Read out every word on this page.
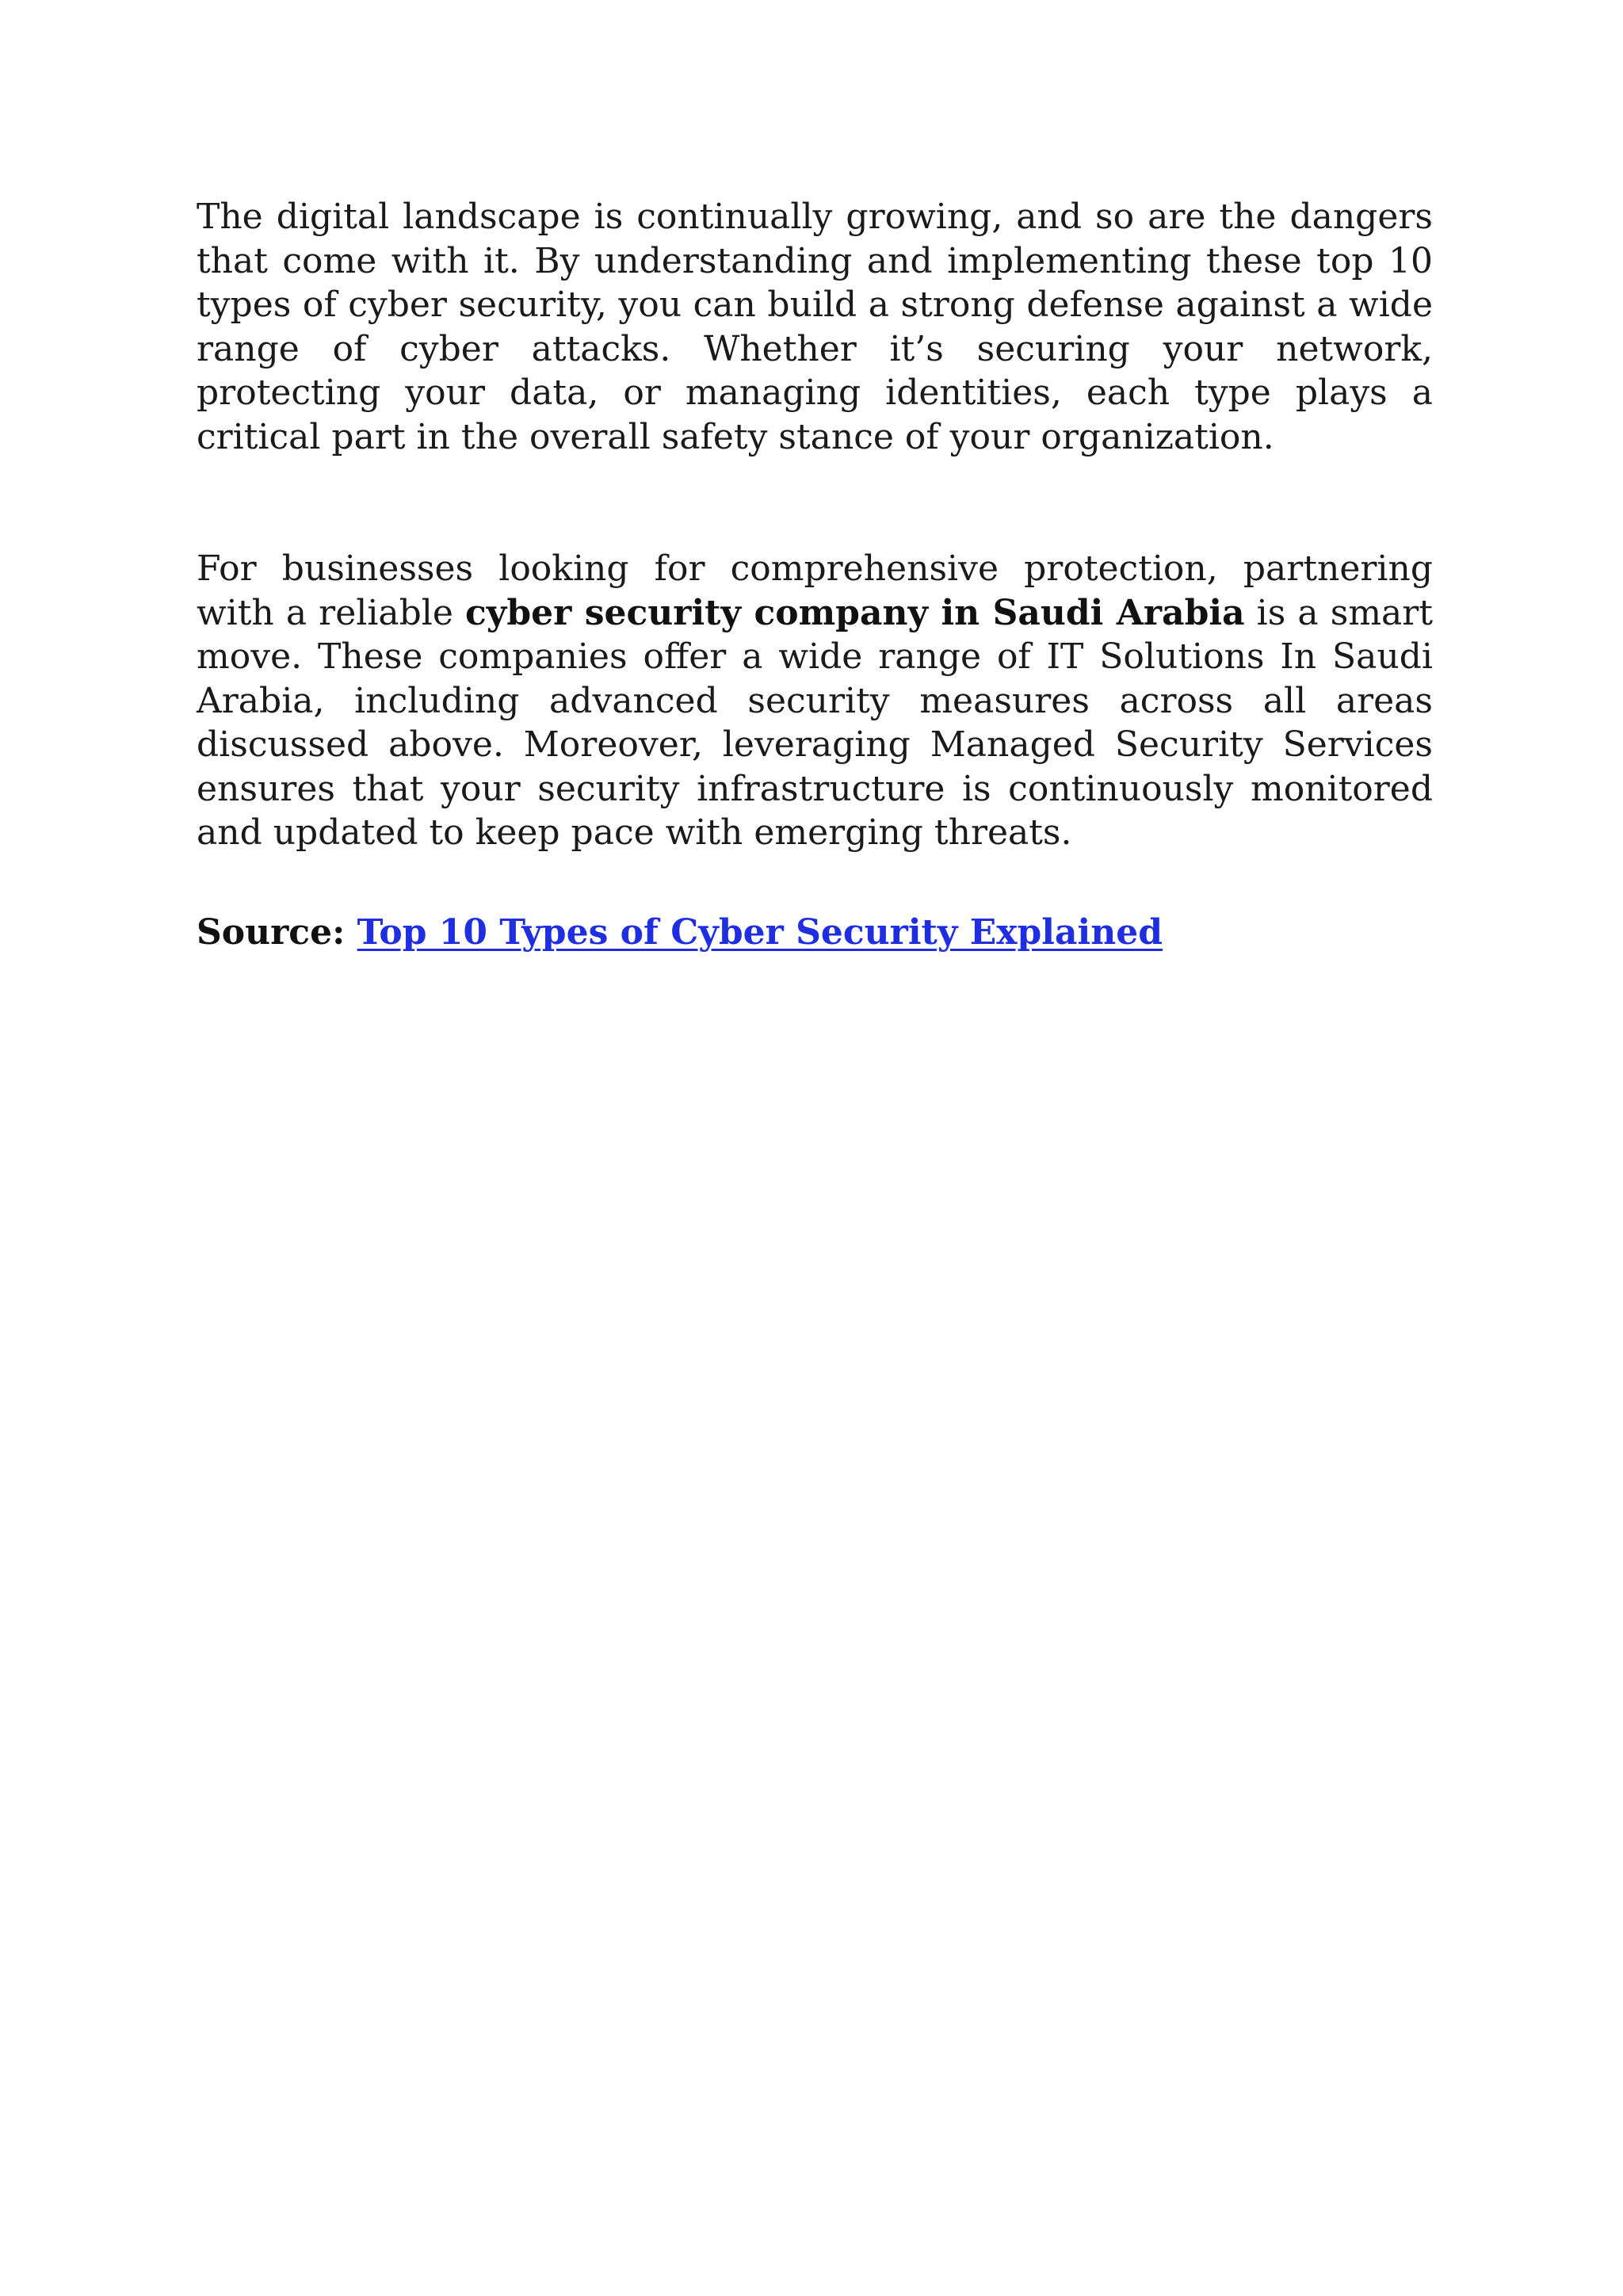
The digital landscape is continually growing, and so are the dangers that come with it. By understanding and implementing these top 10 types of cyber security, you can build a strong defense against a wide range of cyber attacks. Whether it’s securing your network, protecting your data, or managing identities, each type plays a critical part in the overall safety stance of your organization.

For businesses looking for comprehensive protection, partnering with a reliable cyber security company in Saudi Arabia is a smart move. These companies offer a wide range of IT Solutions In Saudi Arabia, including advanced security measures across all areas discussed above. Moreover, leveraging Managed Security Services ensures that your security infrastructure is continuously monitored and updated to keep pace with emerging threats.

Source: Top 10 Types of Cyber Security Explained
